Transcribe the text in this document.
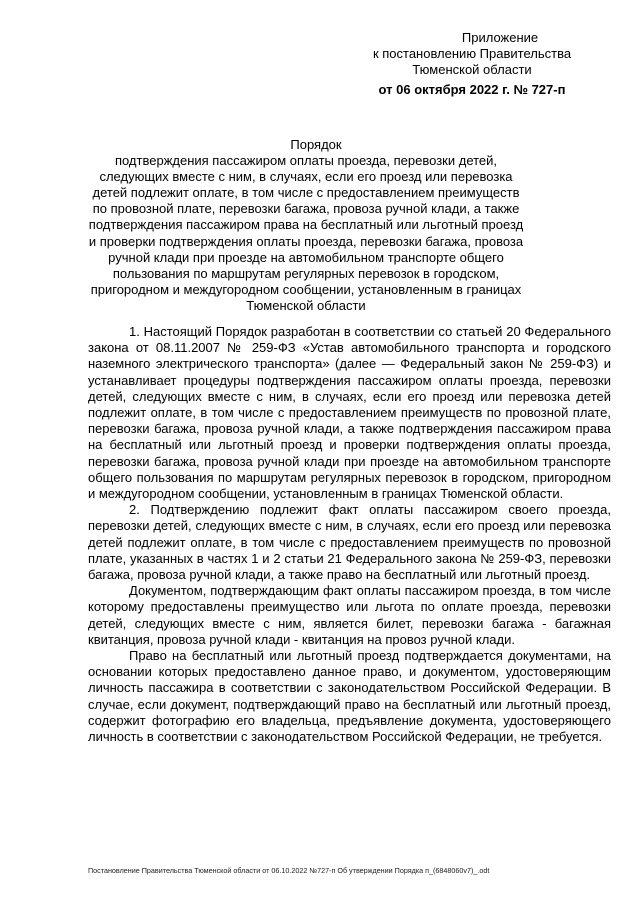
Приложение
к постановлению Правительства Тюменской области
от 06 октября 2022 г. № 727-п
Порядок
подтверждения пассажиром оплаты проезда, перевозки детей, следующих вместе с ним, в случаях, если его проезд или перевозка детей подлежит оплате, в том числе с предоставлением преимуществ по провозной плате, перевозки багажа, провоза ручной клади, а также подтверждения пассажиром права на бесплатный или льготный проезд и проверки подтверждения оплаты проезда, перевозки багажа, провоза ручной клади при проезде на автомобильном транспорте общего пользования по маршрутам регулярных перевозок в городском, пригородном и междугородном сообщении, установленным в границах Тюменской области

1. Настоящий Порядок разработан в соответствии со статьей 20 Федерального закона от 08.11.2007 № 259-ФЗ «Устав автомобильного транспорта и городского наземного электрического транспорта» (далее — Федеральный закон № 259-ФЗ) и устанавливает процедуры подтверждения пассажиром оплаты проезда, перевозки детей, следующих вместе с ним, в случаях, если его проезд или перевозка детей подлежит оплате, в том числе с предоставлением преимуществ по провозной плате, перевозки багажа, провоза ручной клади, а также подтверждения пассажиром права на бесплатный или льготный проезд и проверки подтверждения оплаты проезда, перевозки багажа, провоза ручной клади при проезде на автомобильном транспорте общего пользования по маршрутам регулярных перевозок в городском, пригородном и междугородном сообщении, установленным в границах Тюменской области.

2. Подтверждению подлежит факт оплаты пассажиром своего проезда, перевозки детей, следующих вместе с ним, в случаях, если его проезд или перевозка детей подлежит оплате, в том числе с предоставлением преимуществ по провозной плате, указанных в частях 1 и 2 статьи 21 Федерального закона № 259-ФЗ, перевозки багажа, провоза ручной клади, а также право на бесплатный или льготный проезд.

Документом, подтверждающим факт оплаты пассажиром проезда, в том числе которому предоставлены преимущество или льгота по оплате проезда, перевозки детей, следующих вместе с ним, является билет, перевозки багажа - багажная квитанция, провоза ручной клади - квитанция на провоз ручной клади.

Право на бесплатный или льготный проезд подтверждается документами, на основании которых предоставлено данное право, и документом, удостоверяющим личность пассажира в соответствии с законодательством Российской Федерации. В случае, если документ, подтверждающий право на бесплатный или льготный проезд, содержит фотографию его владельца, предъявление документа, удостоверяющего личность в соответствии с законодательством Российской Федерации, не требуется.

Постановление Правительства Тюменской области от 06.10.2022 №727-п Об утверждении Порядка п_(6848060v7)_.odt
